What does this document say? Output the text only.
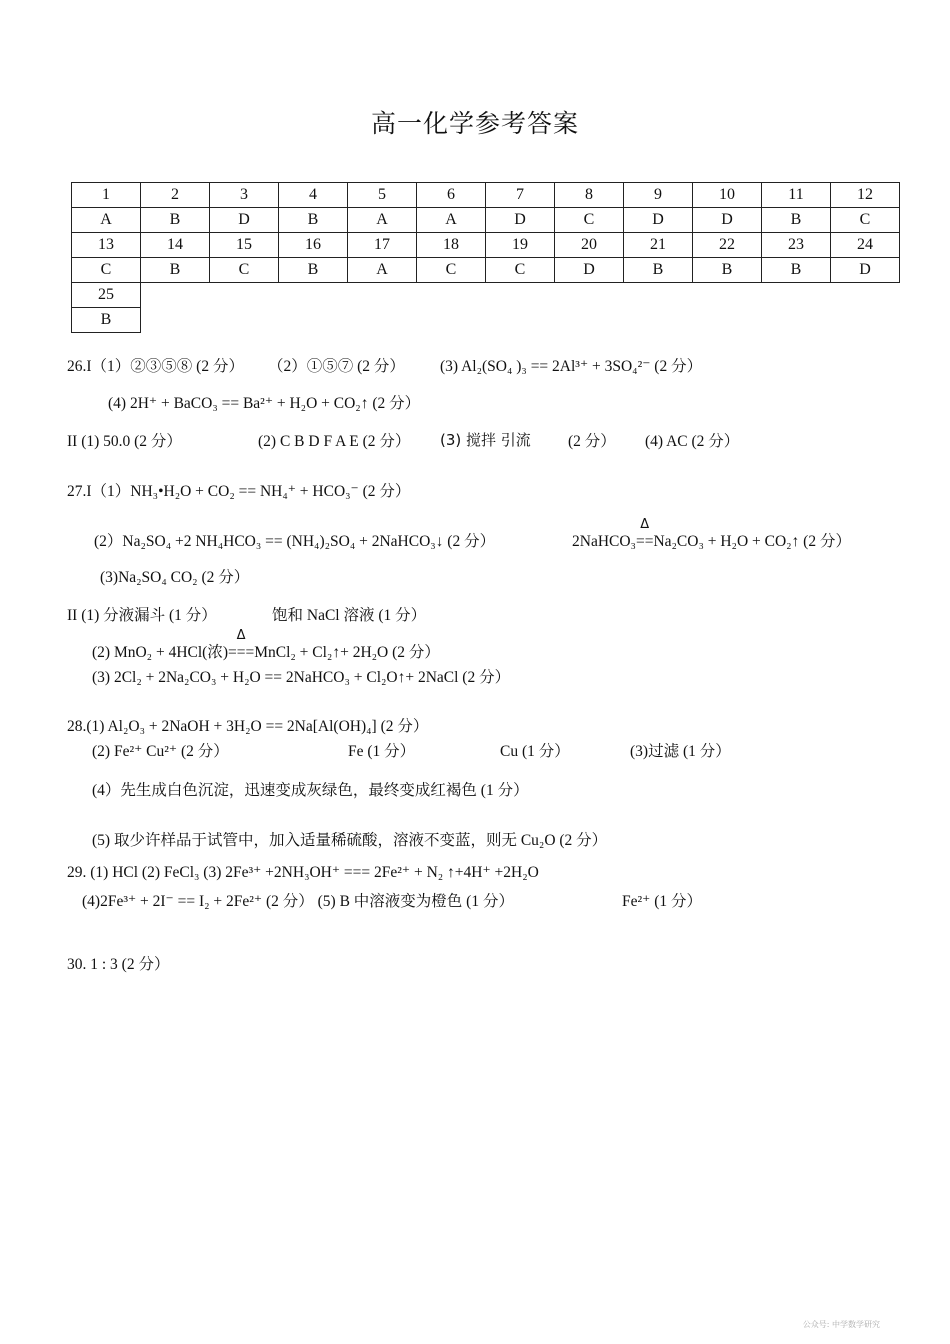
高一化学参考答案
1	2	3	4	5	6	7	8	9	10	11	12
A	B	D	B	A	A	D	C	D	D	B	C
13	14	15	16	17	18	19	20	21	22	23	24
C	B	C	B	A	C	C	D	B	B	B	D
25											
B											
26.I（1）②③⑤⑧ (2 分） （2）①⑤⑦ (2 分） (3) Al₂(SO₄ )₃ == 2Al³⁺ + 3SO₄²⁻ (2 分）
(4) 2H⁺ + BaCO₃ == Ba²⁺ + H₂O + CO₂↑ (2 分）
II (1) 50.0 (2 分）	(2) C B D F A E (2 分） (3) 搅拌 引流 (2 分） (4) AC (2 分）
27.I（1）NH₃•H₂O + CO₂ == NH₄⁺ + HCO₃⁻ (2 分）
(2）Na₂SO₄ +2 NH₄HCO₃ == (NH₄)₂SO₄ + 2NaHCO₃↓ (2 分）	2NaHCO₃
Δ
==Na₂CO₃ + H₂O + CO₂↑ (2 分）
(3)Na₂SO₄ CO₂ (2 分）
II (1) 分液漏斗 (1 分）	饱和 NaCl 溶液 (1 分）
(2) MnO₂ + 4HCl(浓)
Δ
===MnCl₂ + Cl₂↑+ 2H₂O (2 分）
(3) 2Cl₂ + 2Na₂CO₃ + H₂O == 2NaHCO₃ + Cl₂O↑+ 2NaCl (2 分）
28.(1) Al₂O₃ + 2NaOH + 3H₂O == 2Na[Al(OH)₄] (2 分）
(2) Fe²⁺ Cu²⁺ (2 分）	Fe (1 分）	Cu (1 分）	(3)过滤 (1 分）
(4）先生成白色沉淀，迅速变成灰绿色，最终变成红褐色 (1 分）
(5) 取少许样品于试管中，加入适量稀硫酸，溶液不变蓝，则无 Cu₂O (2 分）
29. (1) HCl (2) FeCl₃ (3) 2Fe³⁺ +2NH₃OH⁺ === 2Fe²⁺ + N₂ ↑+4H⁺ +2H₂O
(4)2Fe³⁺ + 2I⁻ == I₂ + 2Fe²⁺ (2 分） (5) B 中溶液变为橙色 (1 分）	Fe²⁺ (1 分）
30. 1 : 3 (2 分）
公众号: 中学数学研究
